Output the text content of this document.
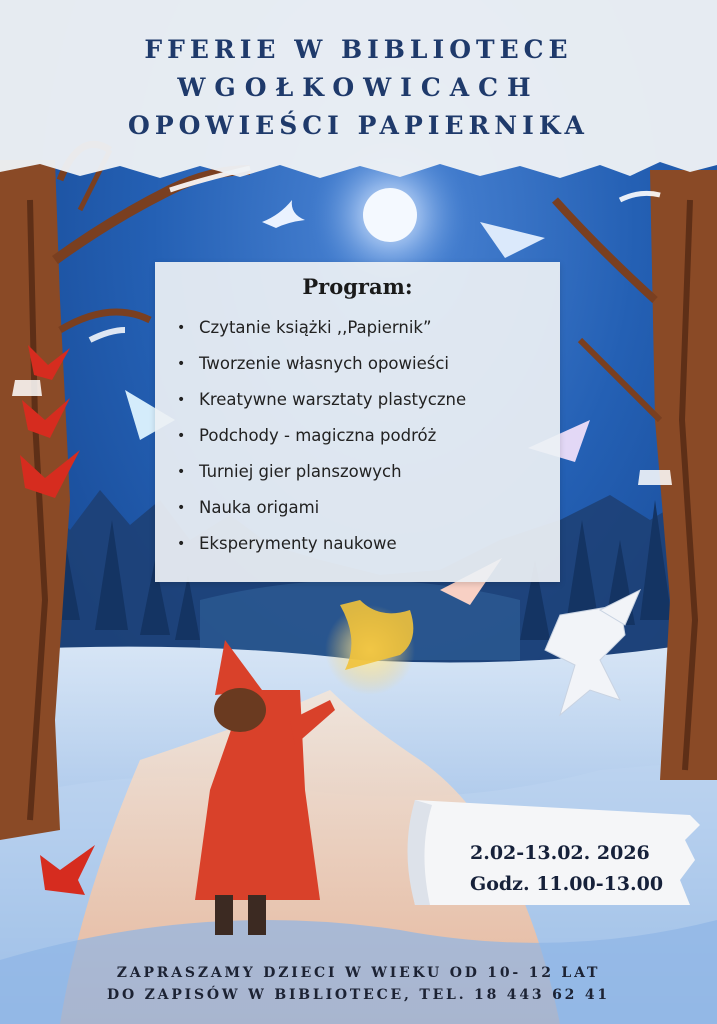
FFERIE W BIBLIOTECE
WGOŁKOWICACH
OPOWIEŚCI PAPIERNIKA
Program:
• Czytanie książki ,,Papiernik”
• Tworzenie własnych opowieści
• Kreatywne warsztaty plastyczne
• Podchody - magiczna podróż
• Turniej gier planszowych
• Nauka origami
• Eksperymenty naukowe
2.02-13.02. 2026
Godz. 11.00-13.00
ZAPRASZAMY DZIECI W WIEKU OD 10- 12 LAT
DO ZAPISÓW W BIBLIOTECE, TEL. 18 443 62 41
